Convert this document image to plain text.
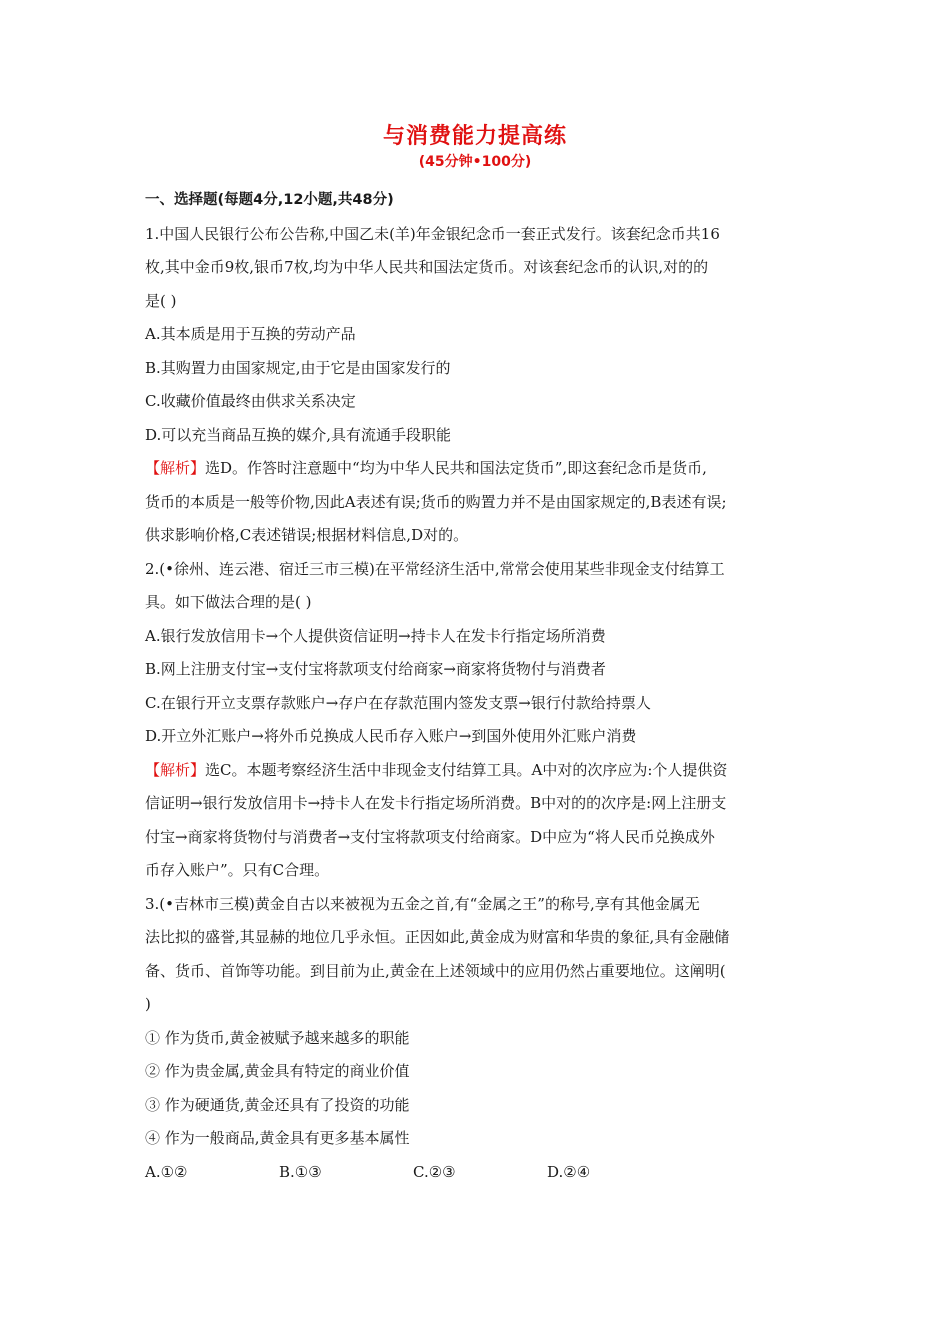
与消费能力提高练
(45分钟•100分)
一、选择题(每题4分,12小题,共48分)
1.中国人民银行公布公告称,中国乙未(羊)年金银纪念币一套正式发行。该套纪念币共16
枚,其中金币9枚,银币7枚,均为中华人民共和国法定货币。对该套纪念币的认识,对的的
是( )
A.其本质是用于互换的劳动产品
B.其购置力由国家规定,由于它是由国家发行的
C.收藏价值最终由供求关系决定
D.可以充当商品互换的媒介,具有流通手段职能
【解析】选D。作答时注意题中“均为中华人民共和国法定货币”,即这套纪念币是货币,
货币的本质是一般等价物,因此A表述有误;货币的购置力并不是由国家规定的,B表述有误;
供求影响价格,C表述错误;根据材料信息,D对的。
2.(•徐州、连云港、宿迁三市三模)在平常经济生活中,常常会使用某些非现金支付结算工
具。如下做法合理的是( )
A.银行发放信用卡→个人提供资信证明→持卡人在发卡行指定场所消费
B.网上注册支付宝→支付宝将款项支付给商家→商家将货物付与消费者
C.在银行开立支票存款账户→存户在存款范围内签发支票→银行付款给持票人
D.开立外汇账户→将外币兑换成人民币存入账户→到国外使用外汇账户消费
【解析】选C。本题考察经济生活中非现金支付结算工具。A中对的次序应为:个人提供资
信证明→银行发放信用卡→持卡人在发卡行指定场所消费。B中对的的次序是:网上注册支
付宝→商家将货物付与消费者→支付宝将款项支付给商家。D中应为“将人民币兑换成外
币存入账户”。只有C合理。
3.(•吉林市三模)黄金自古以来被视为五金之首,有“金属之王”的称号,享有其他金属无
法比拟的盛誉,其显赫的地位几乎永恒。正因如此,黄金成为财富和华贵的象征,具有金融储
备、货币、首饰等功能。到目前为止,黄金在上述领域中的应用仍然占重要地位。这阐明(
)
① 作为货币,黄金被赋予越来越多的职能
② 作为贵金属,黄金具有特定的商业价值
③ 作为硬通货,黄金还具有了投资的功能
④ 作为一般商品,黄金具有更多基本属性
A.①②	B.①③	C.②③	D.②④
